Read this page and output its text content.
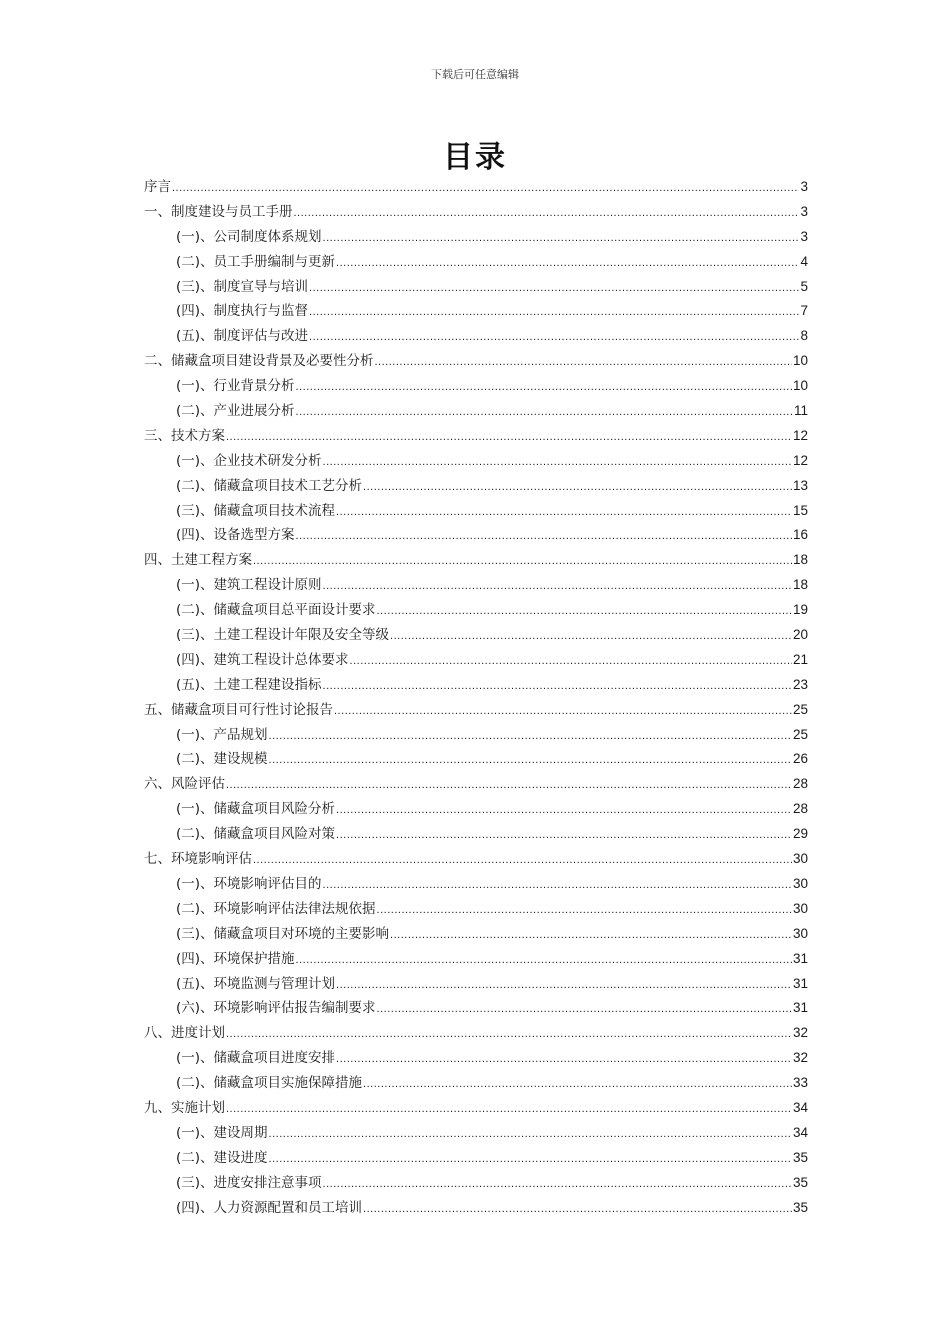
下载后可任意编辑
目录
序言 .....	3
一、制度建设与员工手册 .....	3
(一)、公司制度体系规划 .....	3
(二)、员工手册编制与更新 .....	4
(三)、制度宣导与培训 .....	5
(四)、制度执行与监督 .....	7
(五)、制度评估与改进 .....	8
二、储藏盒项目建设背景及必要性分析 .....	10
(一)、行业背景分析 .....	10
(二)、产业进展分析 .....	11
三、技术方案 .....	12
(一)、企业技术研发分析 .....	12
(二)、储藏盒项目技术工艺分析 .....	13
(三)、储藏盒项目技术流程 .....	15
(四)、设备选型方案 .....	16
四、土建工程方案 .....	18
(一)、建筑工程设计原则 .....	18
(二)、储藏盒项目总平面设计要求 .....	19
(三)、土建工程设计年限及安全等级 .....	20
(四)、建筑工程设计总体要求 .....	21
(五)、土建工程建设指标 .....	23
五、储藏盒项目可行性讨论报告 .....	25
(一)、产品规划 .....	25
(二)、建设规模 .....	26
六、风险评估 .....	28
(一)、储藏盒项目风险分析 .....	28
(二)、储藏盒项目风险对策 .....	29
七、环境影响评估 .....	30
(一)、环境影响评估目的 .....	30
(二)、环境影响评估法律法规依据 .....	30
(三)、储藏盒项目对环境的主要影响 .....	30
(四)、环境保护措施 .....	31
(五)、环境监测与管理计划 .....	31
(六)、环境影响评估报告编制要求 .....	31
八、进度计划 .....	32
(一)、储藏盒项目进度安排 .....	32
(二)、储藏盒项目实施保障措施 .....	33
九、实施计划 .....	34
(一)、建设周期 .....	34
(二)、建设进度 .....	35
(三)、进度安排注意事项 .....	35
(四)、人力资源配置和员工培训 .....	35
